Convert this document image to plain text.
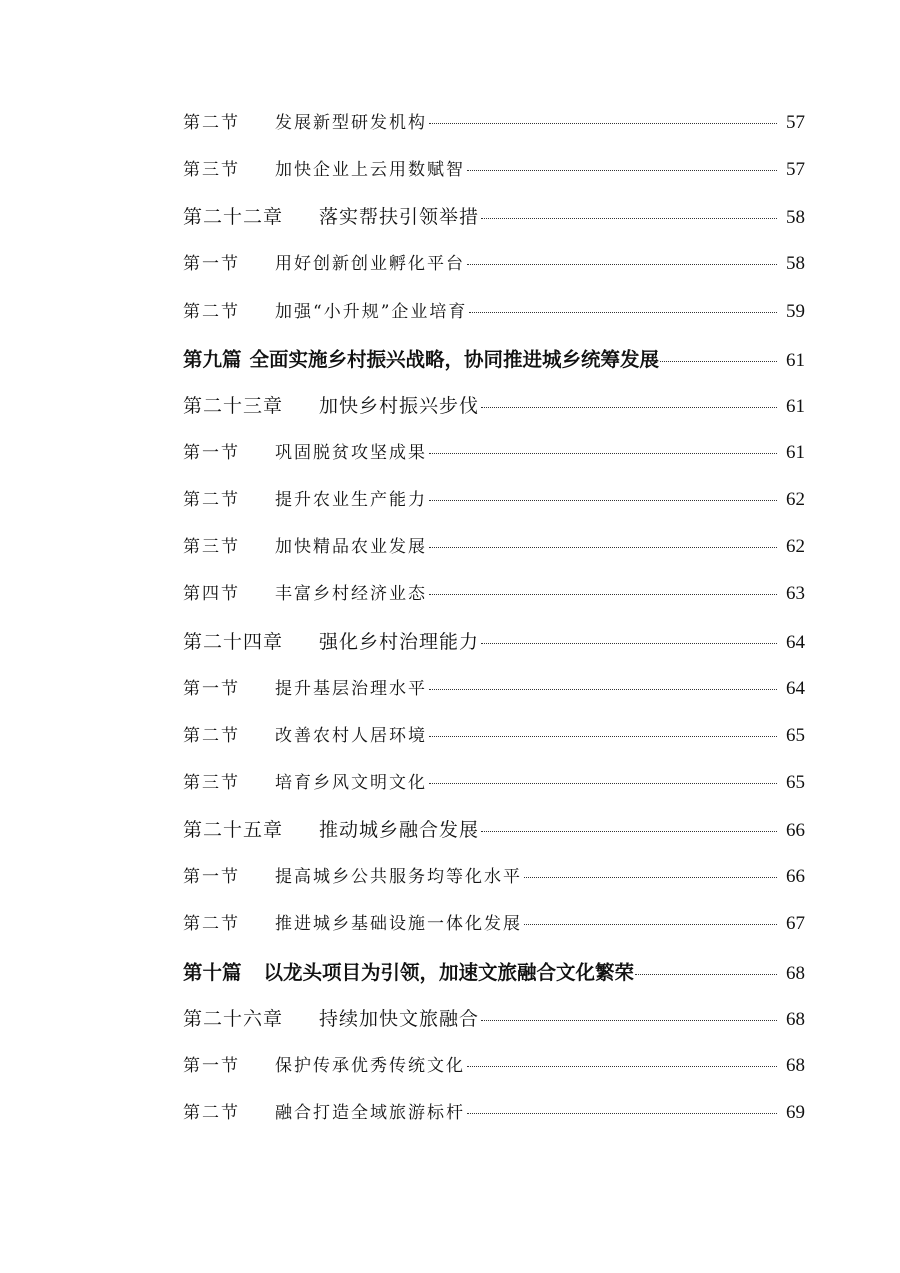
第二节	发展新型研发机构	57
第三节	加快企业上云用数赋智	57
第二十二章	落实帮扶引领举措	58
第一节	用好创新创业孵化平台	58
第二节	加强“小升规”企业培育	59
第九篇 全面实施乡村振兴战略，协同推进城乡统筹发展	61
第二十三章	加快乡村振兴步伐	61
第一节	巩固脱贫攻坚成果	61
第二节	提升农业生产能力	62
第三节	加快精品农业发展	62
第四节	丰富乡村经济业态	63
第二十四章	强化乡村治理能力	64
第一节	提升基层治理水平	64
第二节	改善农村人居环境	65
第三节	培育乡风文明文化	65
第二十五章	推动城乡融合发展	66
第一节	提高城乡公共服务均等化水平	66
第二节	推进城乡基础设施一体化发展	67
第十篇 以龙头项目为引领，加速文旅融合文化繁荣	68
第二十六章	持续加快文旅融合	68
第一节	保护传承优秀传统文化	68
第二节	融合打造全域旅游标杆	69
